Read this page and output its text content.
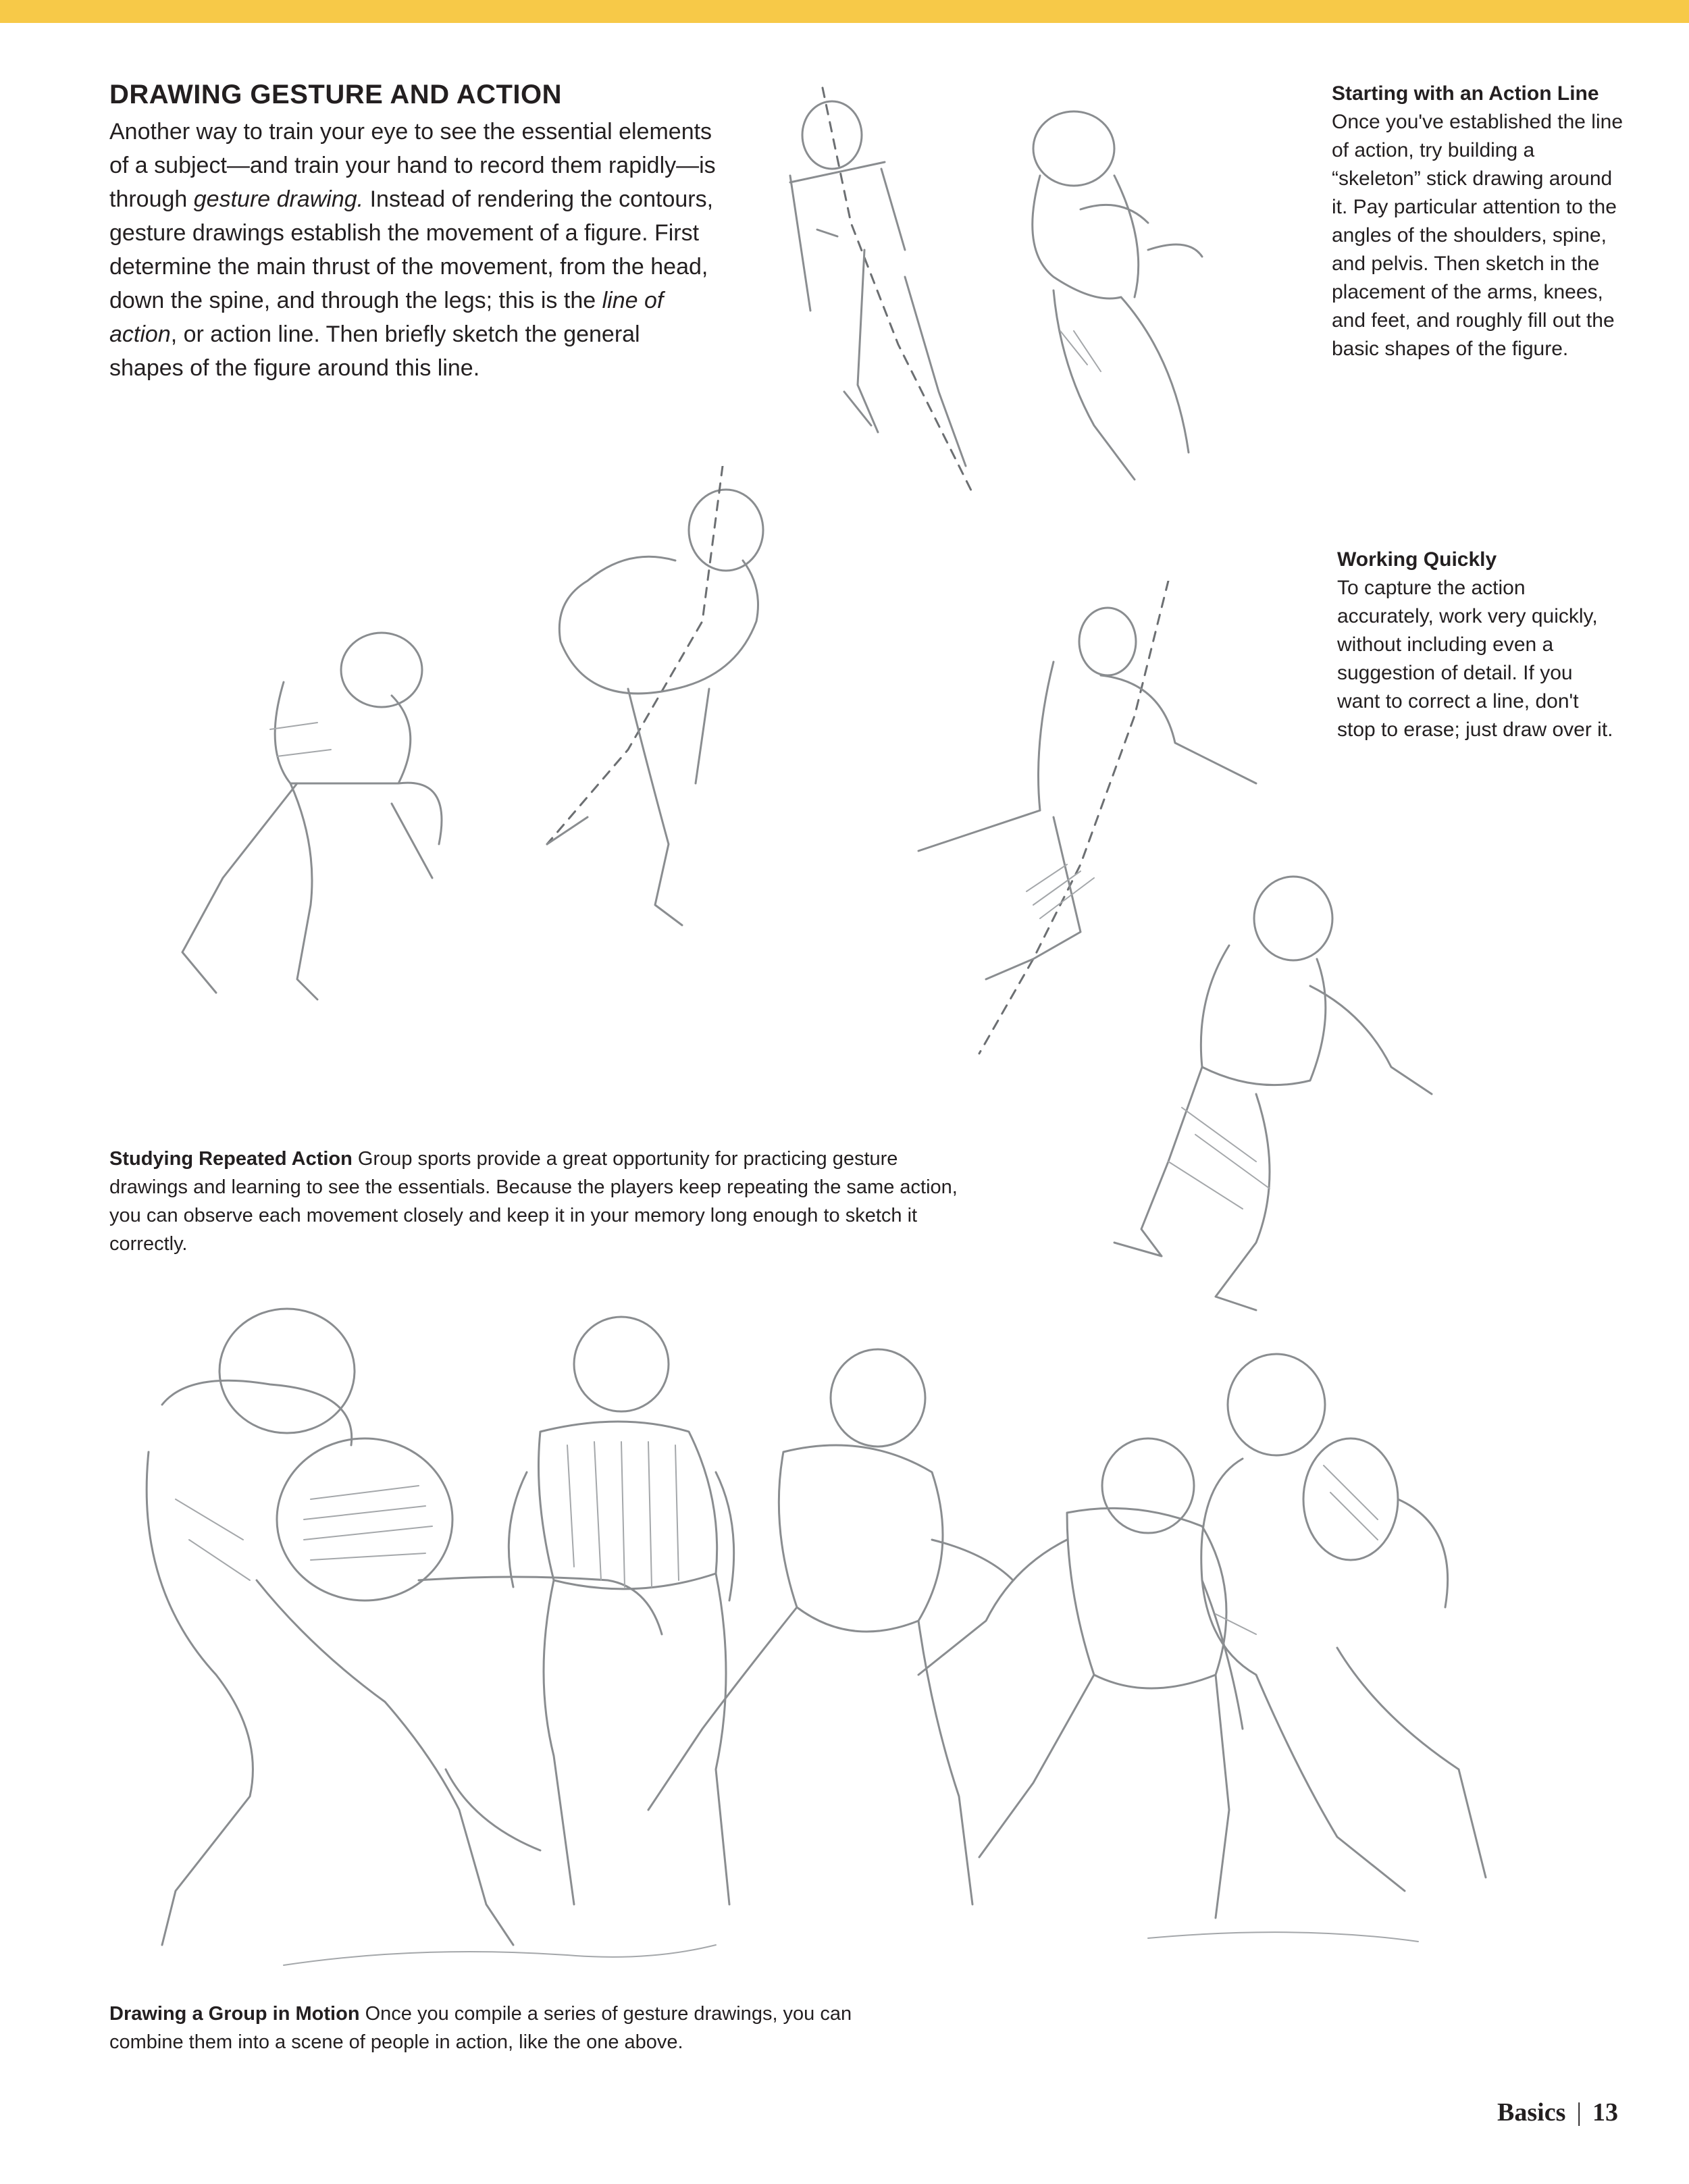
DRAWING GESTURE AND ACTION

Another way to train your eye to see the essential elements of a subject—and train your hand to record them rapidly—is through gesture drawing. Instead of rendering the contours, gesture drawings establish the movement of a figure. First determine the main thrust of the movement, from the head, down the spine, and through the legs; this is the line of action, or action line. Then briefly sketch the general shapes of the figure around this line.

Starting with an Action Line Once you've established the line of action, try building a “skeleton” stick drawing around it. Pay particular attention to the angles of the shoulders, spine, and pelvis. Then sketch in the placement of the arms, knees, and feet, and roughly fill out the basic shapes of the figure.
Working Quickly
To capture the action accurately, work very quickly, without including even a suggestion of detail. If you want to correct a line, don't stop to erase; just draw over it.
Studying Repeated Action Group sports provide a great opportunity for practicing gesture drawings and learning to see the essentials. Because the players keep repeating the same action, you can observe each movement closely and keep it in your memory long enough to sketch it correctly.
Drawing a Group in Motion Once you compile a series of gesture drawings, you can combine them into a scene of people in action, like the one above.
Basics | 13
